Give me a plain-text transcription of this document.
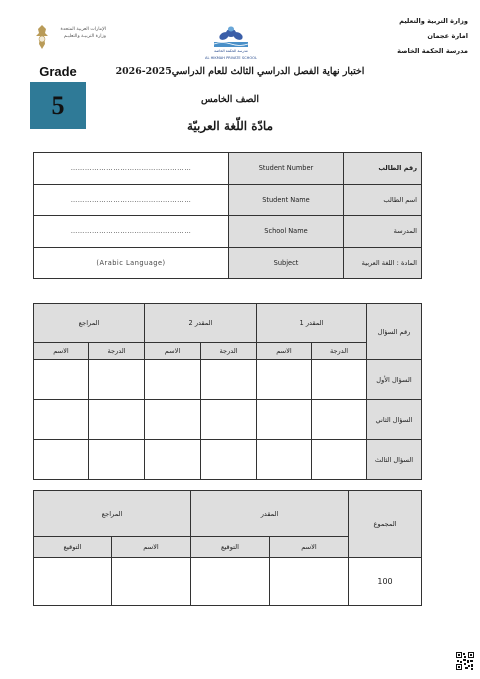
وزارة التربية والتعليم
امارة عجمان
مدرسة الحكمة الخاصة
الإمارات العربية المتحدة
وزارة التربيـة والتعليـم
مدرسة الحكمة الخاصة
AL HIKMAH PRIVATE SCHOOL
Grade
5
اختبار نهاية الفصل الدراسي الثالث للعام الدراسي2025-2026
الصف الخامس
مادّة اللّغة العربيّة
……………………………………………	Student Number	رقم الطالب
……………………………………………	Student Name	اسم الطالب
……………………………………………	School Name	المدرسة
(Arabic Language)	Subject	المادة : اللغة العربية
المراجع		المقدر 2		المقدر 1		رقم السؤال
الاسم	الدرجة	الاسم	الدرجة	الاسم	الدرجة	
						السؤال الأول
						السؤال الثاني
						السؤال الثالث
المراجع		المقدر		المجموع
التوقيع	الاسم	التوقيع	الاسم	
				100
